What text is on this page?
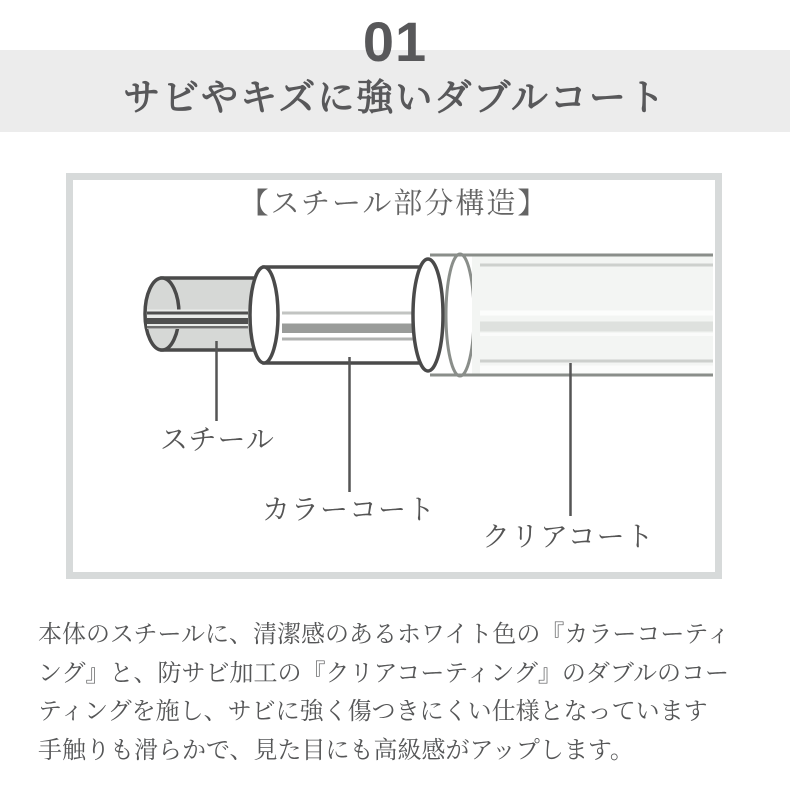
01
サビやキズに強いダブルコート
【スチール部分構造】
スチール
カラーコート
クリアコート
本体のスチールに、清潔感のあるホワイト色の『カラーコーティ
ング』と、防サビ加工の『クリアコーティング』のダブルのコー
ティングを施し、サビに強く傷つきにくい仕様となっています
手触りも滑らかで、見た目にも高級感がアップします。
